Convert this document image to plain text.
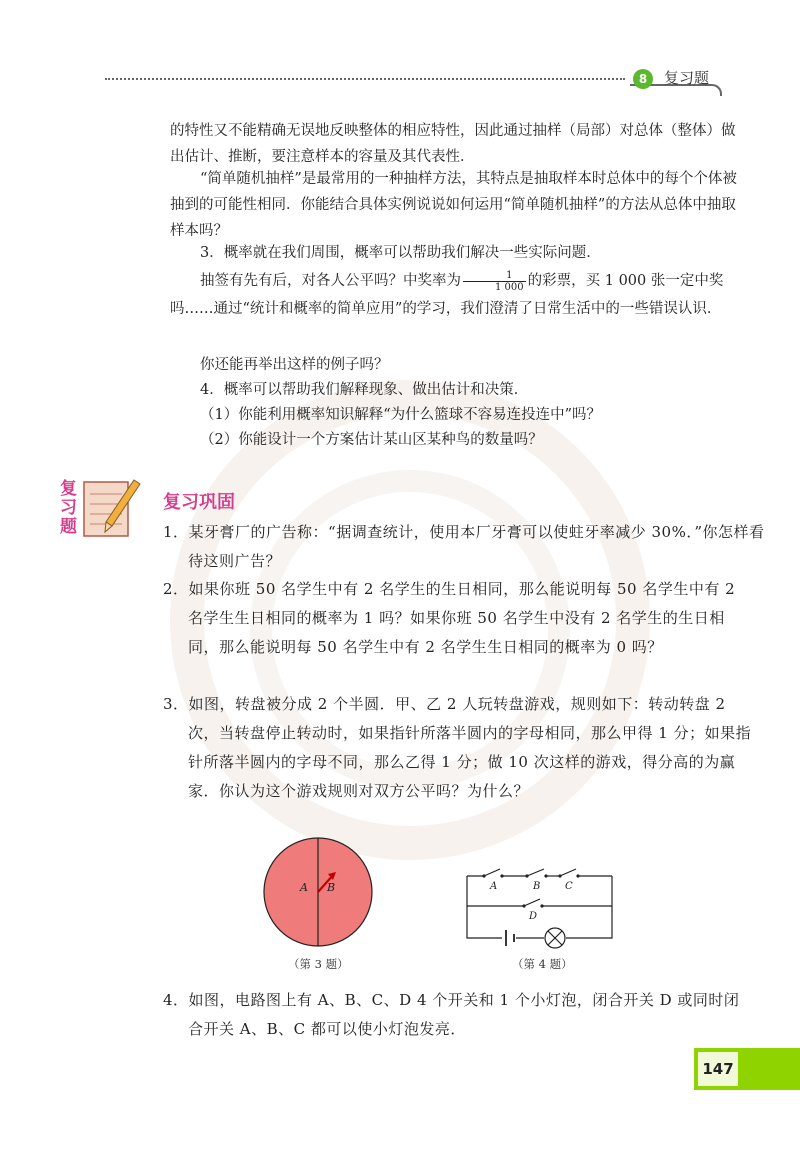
8	复习题

的特性又不能精确无误地反映整体的相应特性，因此通过抽样（局部）对总体（整体）做出估计、推断，要注意样本的容量及其代表性．

“简单随机抽样”是最常用的一种抽样方法，其特点是抽取样本时总体中的每个个体被抽到的可能性相同．你能结合具体实例说说如何运用“简单随机抽样”的方法从总体中抽取样本吗？

3．概率就在我们周围，概率可以帮助我们解决一些实际问题．

抽签有先有后，对各人公平吗？中奖率为 $\frac{1}{1 000}$ 的彩票，买 1 000 张一定中奖吗……通过“统计和概率的简单应用”的学习，我们澄清了日常生活中的一些错误认识．

你还能再举出这样的例子吗？

4．概率可以帮助我们解释现象、做出估计和决策．

（1）你能利用概率知识解释“为什么篮球不容易连投连中”吗？

（2）你能设计一个方案估计某山区某种鸟的数量吗？

复习题
复习巩固

1．某牙膏厂的广告称：“据调查统计，使用本厂牙膏可以使蛀牙率减少 30%．”你怎样看待这则广告？

2．如果你班 50 名学生中有 2 名学生的生日相同，那么能说明每 50 名学生中有 2 名学生生日相同的概率为 1 吗？如果你班 50 名学生中没有 2 名学生的生日相同，那么能说明每 50 名学生中有 2 名学生生日相同的概率为 0 吗？

3．如图，转盘被分成 2 个半圆．甲、乙 2 人玩转盘游戏，规则如下：转动转盘 2 次，当转盘停止转动时，如果指针所落半圆内的字母相同，那么甲得 1 分；如果指针所落半圆内的字母不同，那么乙得 1 分；做 10 次这样的游戏，得分高的为赢家．你认为这个游戏规则对双方公平吗？为什么？

A B
（第 3 题）
A	B C
D
（第 4 题）

4．如图，电路图上有 A、B、C、D 4 个开关和 1 个小灯泡，闭合开关 D 或同时闭合开关 A、B、C 都可以使小灯泡发亮．

147
